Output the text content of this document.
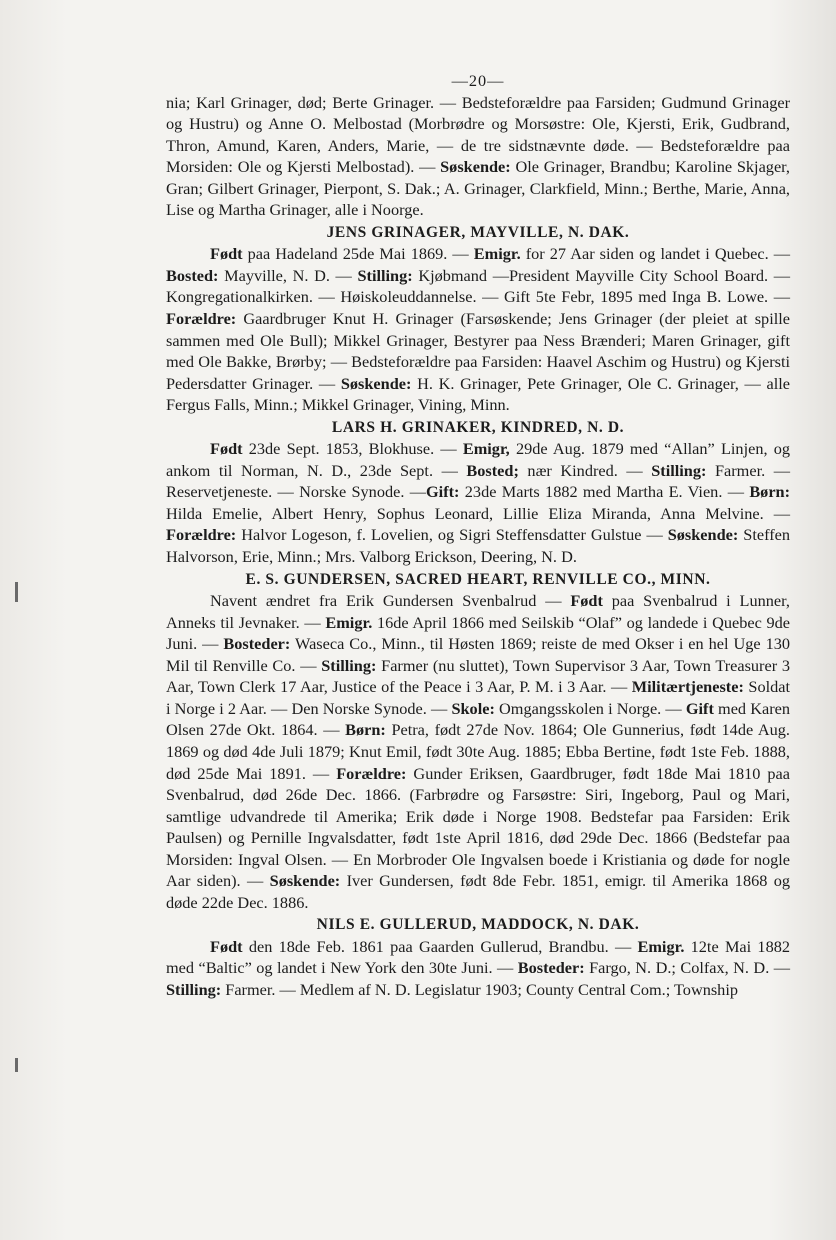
—20—

nia; Karl Grinager, død; Berte Grinager. — Bedsteforældre paa Farsiden; Gudmund Grinager og Hustru) og Anne O. Melbostad (Morbrødre og Morsøstre: Ole, Kjersti, Erik, Gudbrand, Thron, Amund, Karen, Anders, Marie, — de tre sidstnævnte døde. — Bedsteforældre paa Morsiden: Ole og Kjersti Melbostad). — Søskende: Ole Grinager, Brandbu; Karoline Skjager, Gran; Gilbert Grinager, Pierpont, S. Dak.; A. Grinager, Clarkfield, Minn.; Berthe, Marie, Anna, Lise og Martha Grinager, alle i Noorge.

JENS GRINAGER, MAYVILLE, N. DAK.

Født paa Hadeland 25de Mai 1869. — Emigr. for 27 Aar siden og landet i Quebec. — Bosted: Mayville, N. D. — Stilling: Kjøbmand —President Mayville City School Board. — Kongregationalkirken. — Høiskoleuddannelse. — Gift 5te Febr, 1895 med Inga B. Lowe. — Forældre: Gaardbruger Knut H. Grinager (Farsøskende; Jens Grinager (der pleiet at spille sammen med Ole Bull); Mikkel Grinager, Bestyrer paa Ness Brænderi; Maren Grinager, gift med Ole Bakke, Brørby; — Bedsteforældre paa Farsiden: Haavel Aschim og Hustru) og Kjersti Pedersdatter Grinager. — Søskende: H. K. Grinager, Pete Grinager, Ole C. Grinager, — alle Fergus Falls, Minn.; Mikkel Grinager, Vining, Minn.

LARS H. GRINAKER, KINDRED, N. D.

Født 23de Sept. 1853, Blokhuse. — Emigr, 29de Aug. 1879 med “Allan” Linjen, og ankom til Norman, N. D., 23de Sept. — Bosted; nær Kindred. — Stilling: Farmer. — Reservetjeneste. — Norske Synode. —Gift: 23de Marts 1882 med Martha E. Vien. — Børn: Hilda Emelie, Albert Henry, Sophus Leonard, Lillie Eliza Miranda, Anna Melvine. — Forældre: Halvor Logeson, f. Lovelien, og Sigri Steffensdatter Gulstue — Søskende: Steffen Halvorson, Erie, Minn.; Mrs. Valborg Erickson, Deering, N. D.

E. S. GUNDERSEN, SACRED HEART, RENVILLE CO., MINN.

Navent ændret fra Erik Gundersen Svenbalrud — Født paa Svenbalrud i Lunner, Anneks til Jevnaker. — Emigr. 16de April 1866 med Seilskib “Olaf” og landede i Quebec 9de Juni. — Bosteder: Waseca Co., Minn., til Høsten 1869; reiste de med Okser i en hel Uge 130 Mil til Renville Co. — Stilling: Farmer (nu sluttet), Town Supervisor 3 Aar, Town Treasurer 3 Aar, Town Clerk 17 Aar, Justice of the Peace i 3 Aar, P. M. i 3 Aar. — Militærtjeneste: Soldat i Norge i 2 Aar. — Den Norske Synode. — Skole: Omgangsskolen i Norge. — Gift med Karen Olsen 27de Okt. 1864. — Børn: Petra, født 27de Nov. 1864; Ole Gunnerius, født 14de Aug. 1869 og død 4de Juli 1879; Knut Emil, født 30te Aug. 1885; Ebba Bertine, født 1ste Feb. 1888, død 25de Mai 1891. — Forældre: Gunder Eriksen, Gaardbruger, født 18de Mai 1810 paa Svenbalrud, død 26de Dec. 1866. (Farbrødre og Farsøstre: Siri, Ingeborg, Paul og Mari, samtlige udvandrede til Amerika; Erik døde i Norge 1908. Bedstefar paa Farsiden: Erik Paulsen) og Pernille Ingvalsdatter, født 1ste April 1816, død 29de Dec. 1866 (Bedstefar paa Morsiden: Ingval Olsen. — En Morbroder Ole Ingvalsen boede i Kristiania og døde for nogle Aar siden). — Søskende: Iver Gundersen, født 8de Febr. 1851, emigr. til Amerika 1868 og døde 22de Dec. 1886.

NILS E. GULLERUD, MADDOCK, N. DAK.

Født den 18de Feb. 1861 paa Gaarden Gullerud, Brandbu. — Emigr. 12te Mai 1882 med “Baltic” og landet i New York den 30te Juni. — Bosteder: Fargo, N. D.; Colfax, N. D. — Stilling: Farmer. — Medlem af N. D. Legislatur 1903; County Central Com.; Township
